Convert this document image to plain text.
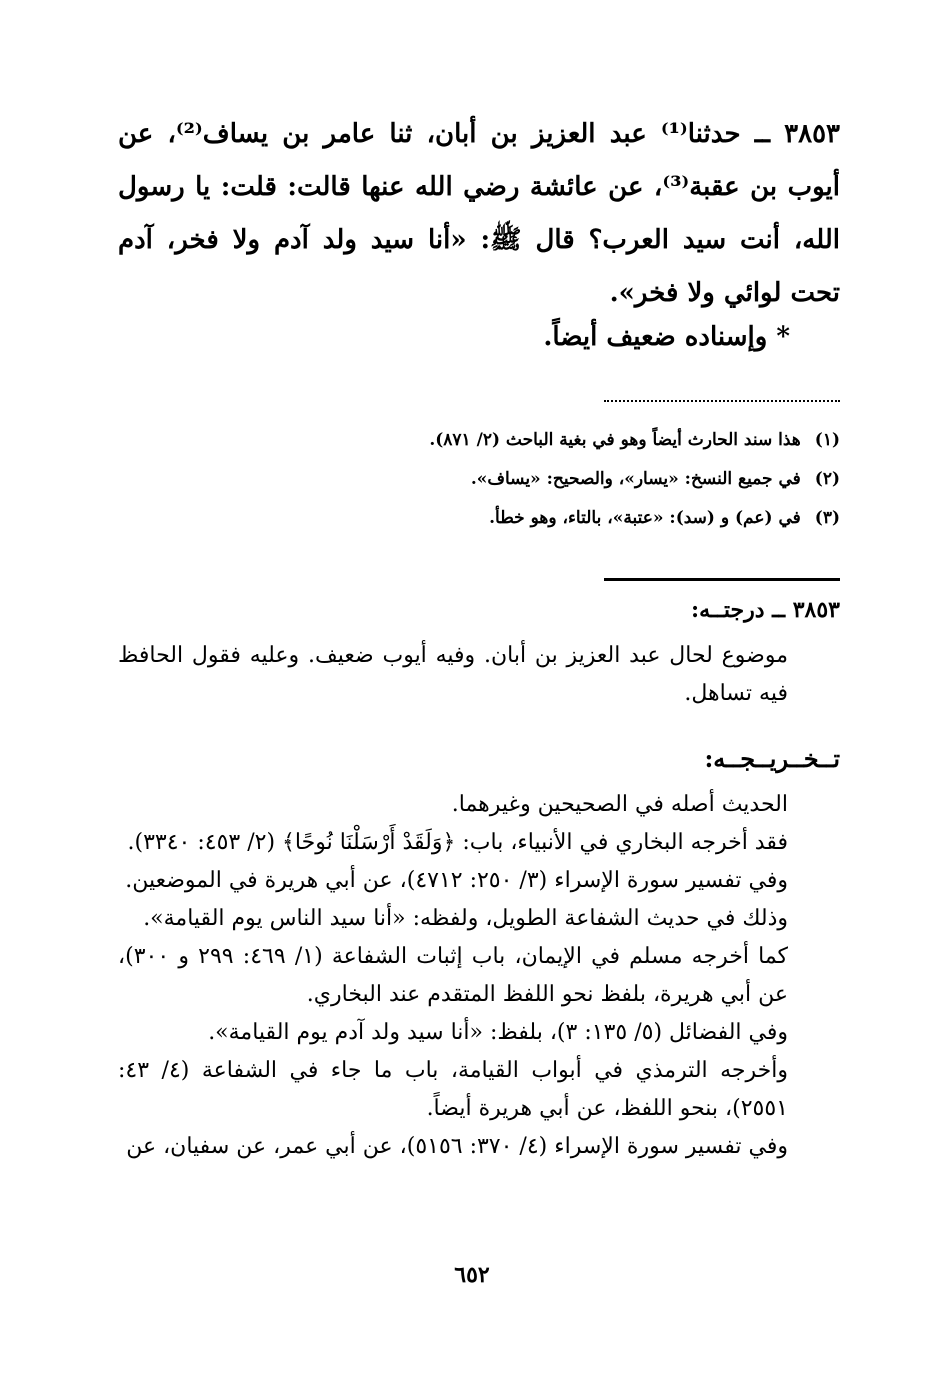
٣٨٥٣ ــ حدثنا⁽¹⁾ عبد العزيز بن أبان، ثنا عامر بن يساف⁽²⁾، عن أيوب بن عقبة⁽³⁾، عن عائشة رضي الله عنها قالت: قلت: يا رسول الله، أنت سيد العرب؟ قال ﷺ: «أنا سيد ولد آدم ولا فخر، آدم تحت لوائي ولا فخر».

* وإسناده ضعيف أيضاً.
(١)هذا سند الحارث أيضاً وهو في بغية الباحث (٢/ ٨٧١).
(٢)في جميع النسخ: «يسار»، والصحيح: «يساف».
(٣)في (عم) و (سد): «عتبة»، بالتاء، وهو خطأ.
٣٨٥٣ ــ درجتــه:

موضوع لحال عبد العزيز بن أبان. وفيه أيوب ضعيف. وعليه فقول الحافظ فيه تساهل.

تــخــريــجــه:

الحديث أصله في الصحيحين وغيرهما.

فقد أخرجه البخاري في الأنبياء، باب: ﴿وَلَقَدْ أَرْسَلْنَا نُوحًا﴾ (٢/ ٤٥٣: ٣٣٤٠).

وفي تفسير سورة الإسراء (٣/ ٢٥٠: ٤٧١٢)، عن أبي هريرة في الموضعين.

وذلك في حديث الشفاعة الطويل، ولفظه: «أنا سيد الناس يوم القيامة».

كما أخرجه مسلم في الإيمان، باب إثبات الشفاعة (١/ ٤٦٩: ٢٩٩ و ٣٠٠)، عن أبي هريرة، بلفظ نحو اللفظ المتقدم عند البخاري.

وفي الفضائل (٥/ ١٣٥: ٣)، بلفظ: «أنا سيد ولد آدم يوم القيامة».

وأخرجه الترمذي في أبواب القيامة، باب ما جاء في الشفاعة (٤/ ٤٣: ٢٥٥١)، بنحو اللفظ، عن أبي هريرة أيضاً.

وفي تفسير سورة الإسراء (٤/ ٣٧٠: ٥١٥٦)، عن أبي عمر، عن سفيان، عن

٦٥٢
